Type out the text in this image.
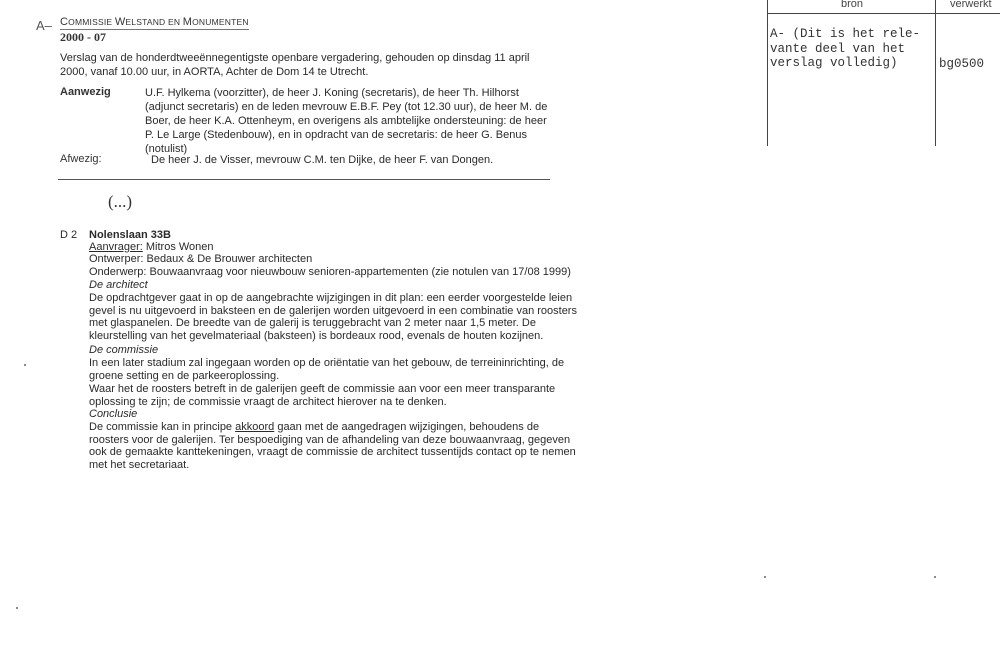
A– COMMISSIE WELSTAND EN MONUMENTEN
2000 - 07
Verslag van de honderdtweeënnegentigste openbare vergadering, gehouden op dinsdag 11 april 2000, vanaf 10.00 uur, in AORTA, Achter de Dom 14 te Utrecht.
Aanwezig	U.F. Hylkema (voorzitter), de heer J. Koning (secretaris), de heer Th. Hilhorst (adjunct secretaris) en de leden mevrouw E.B.F. Pey (tot 12.30 uur), de heer M. de Boer, de heer K.A. Ottenheym, en overigens als ambtelijke ondersteuning: de heer P. Le Large (Stedenbouw), en in opdracht van de secretaris: de heer G. Benus (notulist)
Afwezig:	De heer J. de Visser, mevrouw C.M. ten Dijke, de heer F. van Dongen.
(...)
D 2 Nolenslaan 33B
Aanvrager: Mitros Wonen
Ontwerper: Bedaux & De Brouwer architecten
Onderwerp: Bouwaanvraag voor nieuwbouw senioren-appartementen (zie notulen van 17/08 1999)
De architect
De opdrachtgever gaat in op de aangebrachte wijzigingen in dit plan: een eerder voorgestelde leien gevel is nu uitgevoerd in baksteen en de galerijen worden uitgevoerd in een combinatie van roosters met glaspanelen. De breedte van de galerij is teruggebracht van 2 meter naar 1,5 meter. De kleurstelling van het gevelmateriaal (baksteen) is bordeaux rood, evenals de houten kozijnen.
De commissie
In een later stadium zal ingegaan worden op de oriëntatie van het gebouw, de terreininrichting, de groene setting en de parkeeroplossing.
Waar het de roosters betreft in de galerijen geeft de commissie aan voor een meer transparante oplossing te zijn; de commissie vraagt de architect hierover na te denken.
Conclusie
De commissie kan in principe akkoord gaan met de aangedragen wijzigingen, behoudens de roosters voor de galerijen. Ter bespoediging van de afhandeling van deze bouwaanvraag, gegeven ook de gemaakte kanttekeningen, vraagt de commissie de architect tussentijds contact op te nemen met het secretariaat.
bron	verwerkt
A- (Dit is het rele-
vante deel van het
verslag volledig)	bg0500
